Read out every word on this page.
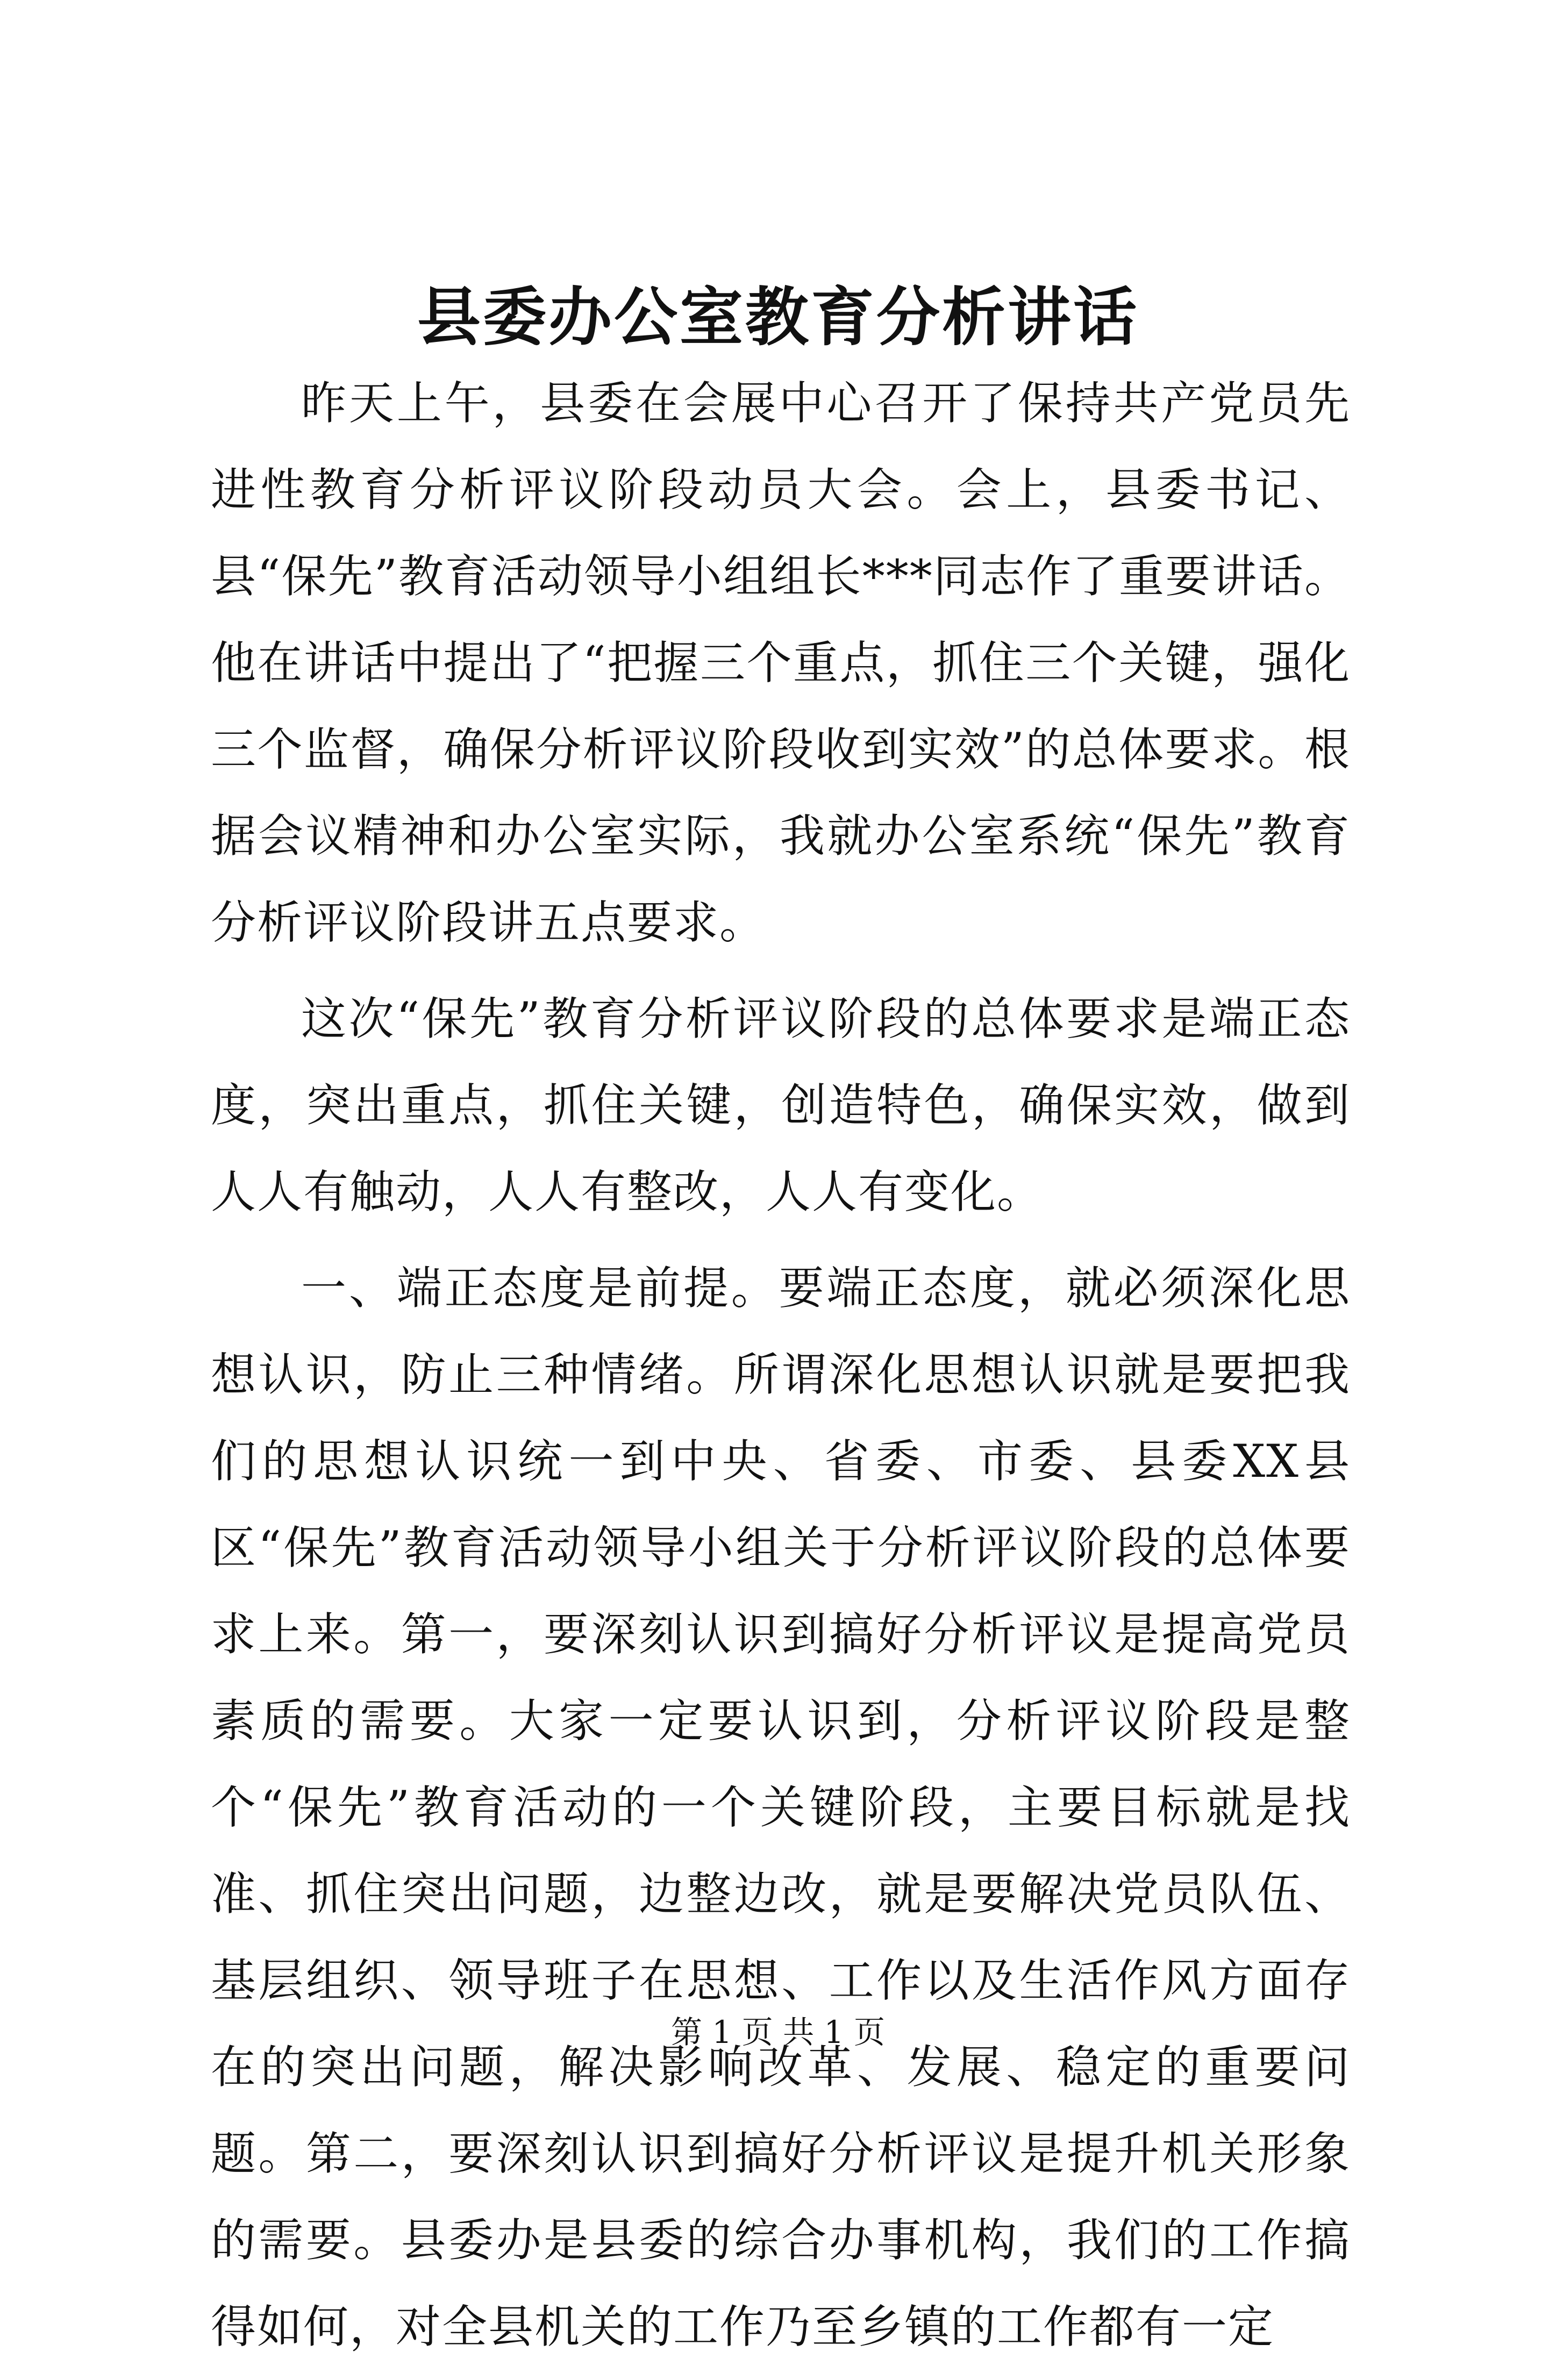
县委办公室教育分析讲话

昨天上午，县委在会展中心召开了保持共产党员先进性教育分析评议阶段动员大会。会上，县委书记、县“保先”教育活动领导小组组长***同志作了重要讲话。他在讲话中提出了“把握三个重点，抓住三个关键，强化三个监督，确保分析评议阶段收到实效”的总体要求。根据会议精神和办公室实际，我就办公室系统“保先”教育分析评议阶段讲五点要求。

这次“保先”教育分析评议阶段的总体要求是端正态度，突出重点，抓住关键，创造特色，确保实效，做到人人有触动，人人有整改，人人有变化。

一、端正态度是前提。要端正态度，就必须深化思想认识，防止三种情绪。所谓深化思想认识就是要把我们的思想认识统一到中央、省委、市委、县委XX县区“保先”教育活动领导小组关于分析评议阶段的总体要求上来。第一，要深刻认识到搞好分析评议是提高党员素质的需要。大家一定要认识到，分析评议阶段是整个“保先”教育活动的一个关键阶段，主要目标就是找准、抓住突出问题，边整边改，就是要解决党员队伍、基层组织、领导班子在思想、工作以及生活作风方面存在的突出问题，解决影响改革、发展、稳定的重要问题。第二，要深刻认识到搞好分析评议是提升机关形象的需要。县委办是县委的综合办事机构，我们的工作搞得如何，对全县机关的工作乃至乡镇的工作都有一定

第 1 页 共 1 页
